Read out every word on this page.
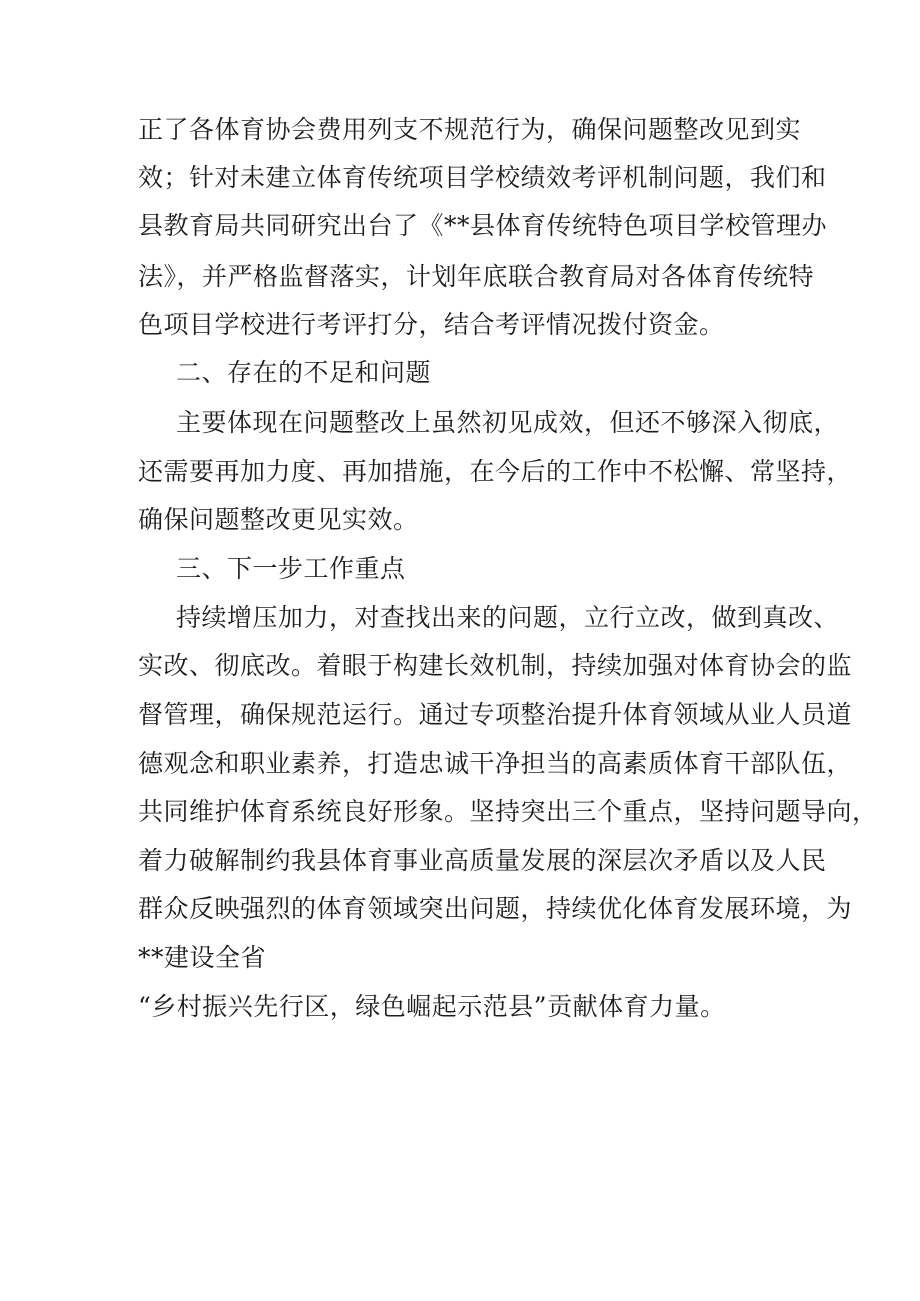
正了各体育协会费用列支不规范行为，确保问题整改见到实
效；针对未建立体育传统项目学校绩效考评机制问题，我们和
县教育局共同研究出台了《**县体育传统特色项目学校管理办
法》，并严格监督落实，计划年底联合教育局对各体育传统特
色项目学校进行考评打分，结合考评情况拨付资金。
二、存在的不足和问题
主要体现在问题整改上虽然初见成效，但还不够深入彻底，
还需要再加力度、再加措施，在今后的工作中不松懈、常坚持，
确保问题整改更见实效。
三、下一步工作重点
持续增压加力，对查找出来的问题，立行立改，做到真改、
实改、彻底改。着眼于构建长效机制，持续加强对体育协会的监
督管理，确保规范运行。通过专项整治提升体育领域从业人员道
德观念和职业素养，打造忠诚干净担当的高素质体育干部队伍，
共同维护体育系统良好形象。坚持突出三个重点，坚持问题导向，
着力破解制约我县体育事业高质量发展的深层次矛盾以及人民
群众反映强烈的体育领域突出问题，持续优化体育发展环境，为
**建设全省
“乡村振兴先行区，绿色崛起示范县”贡献体育力量。
